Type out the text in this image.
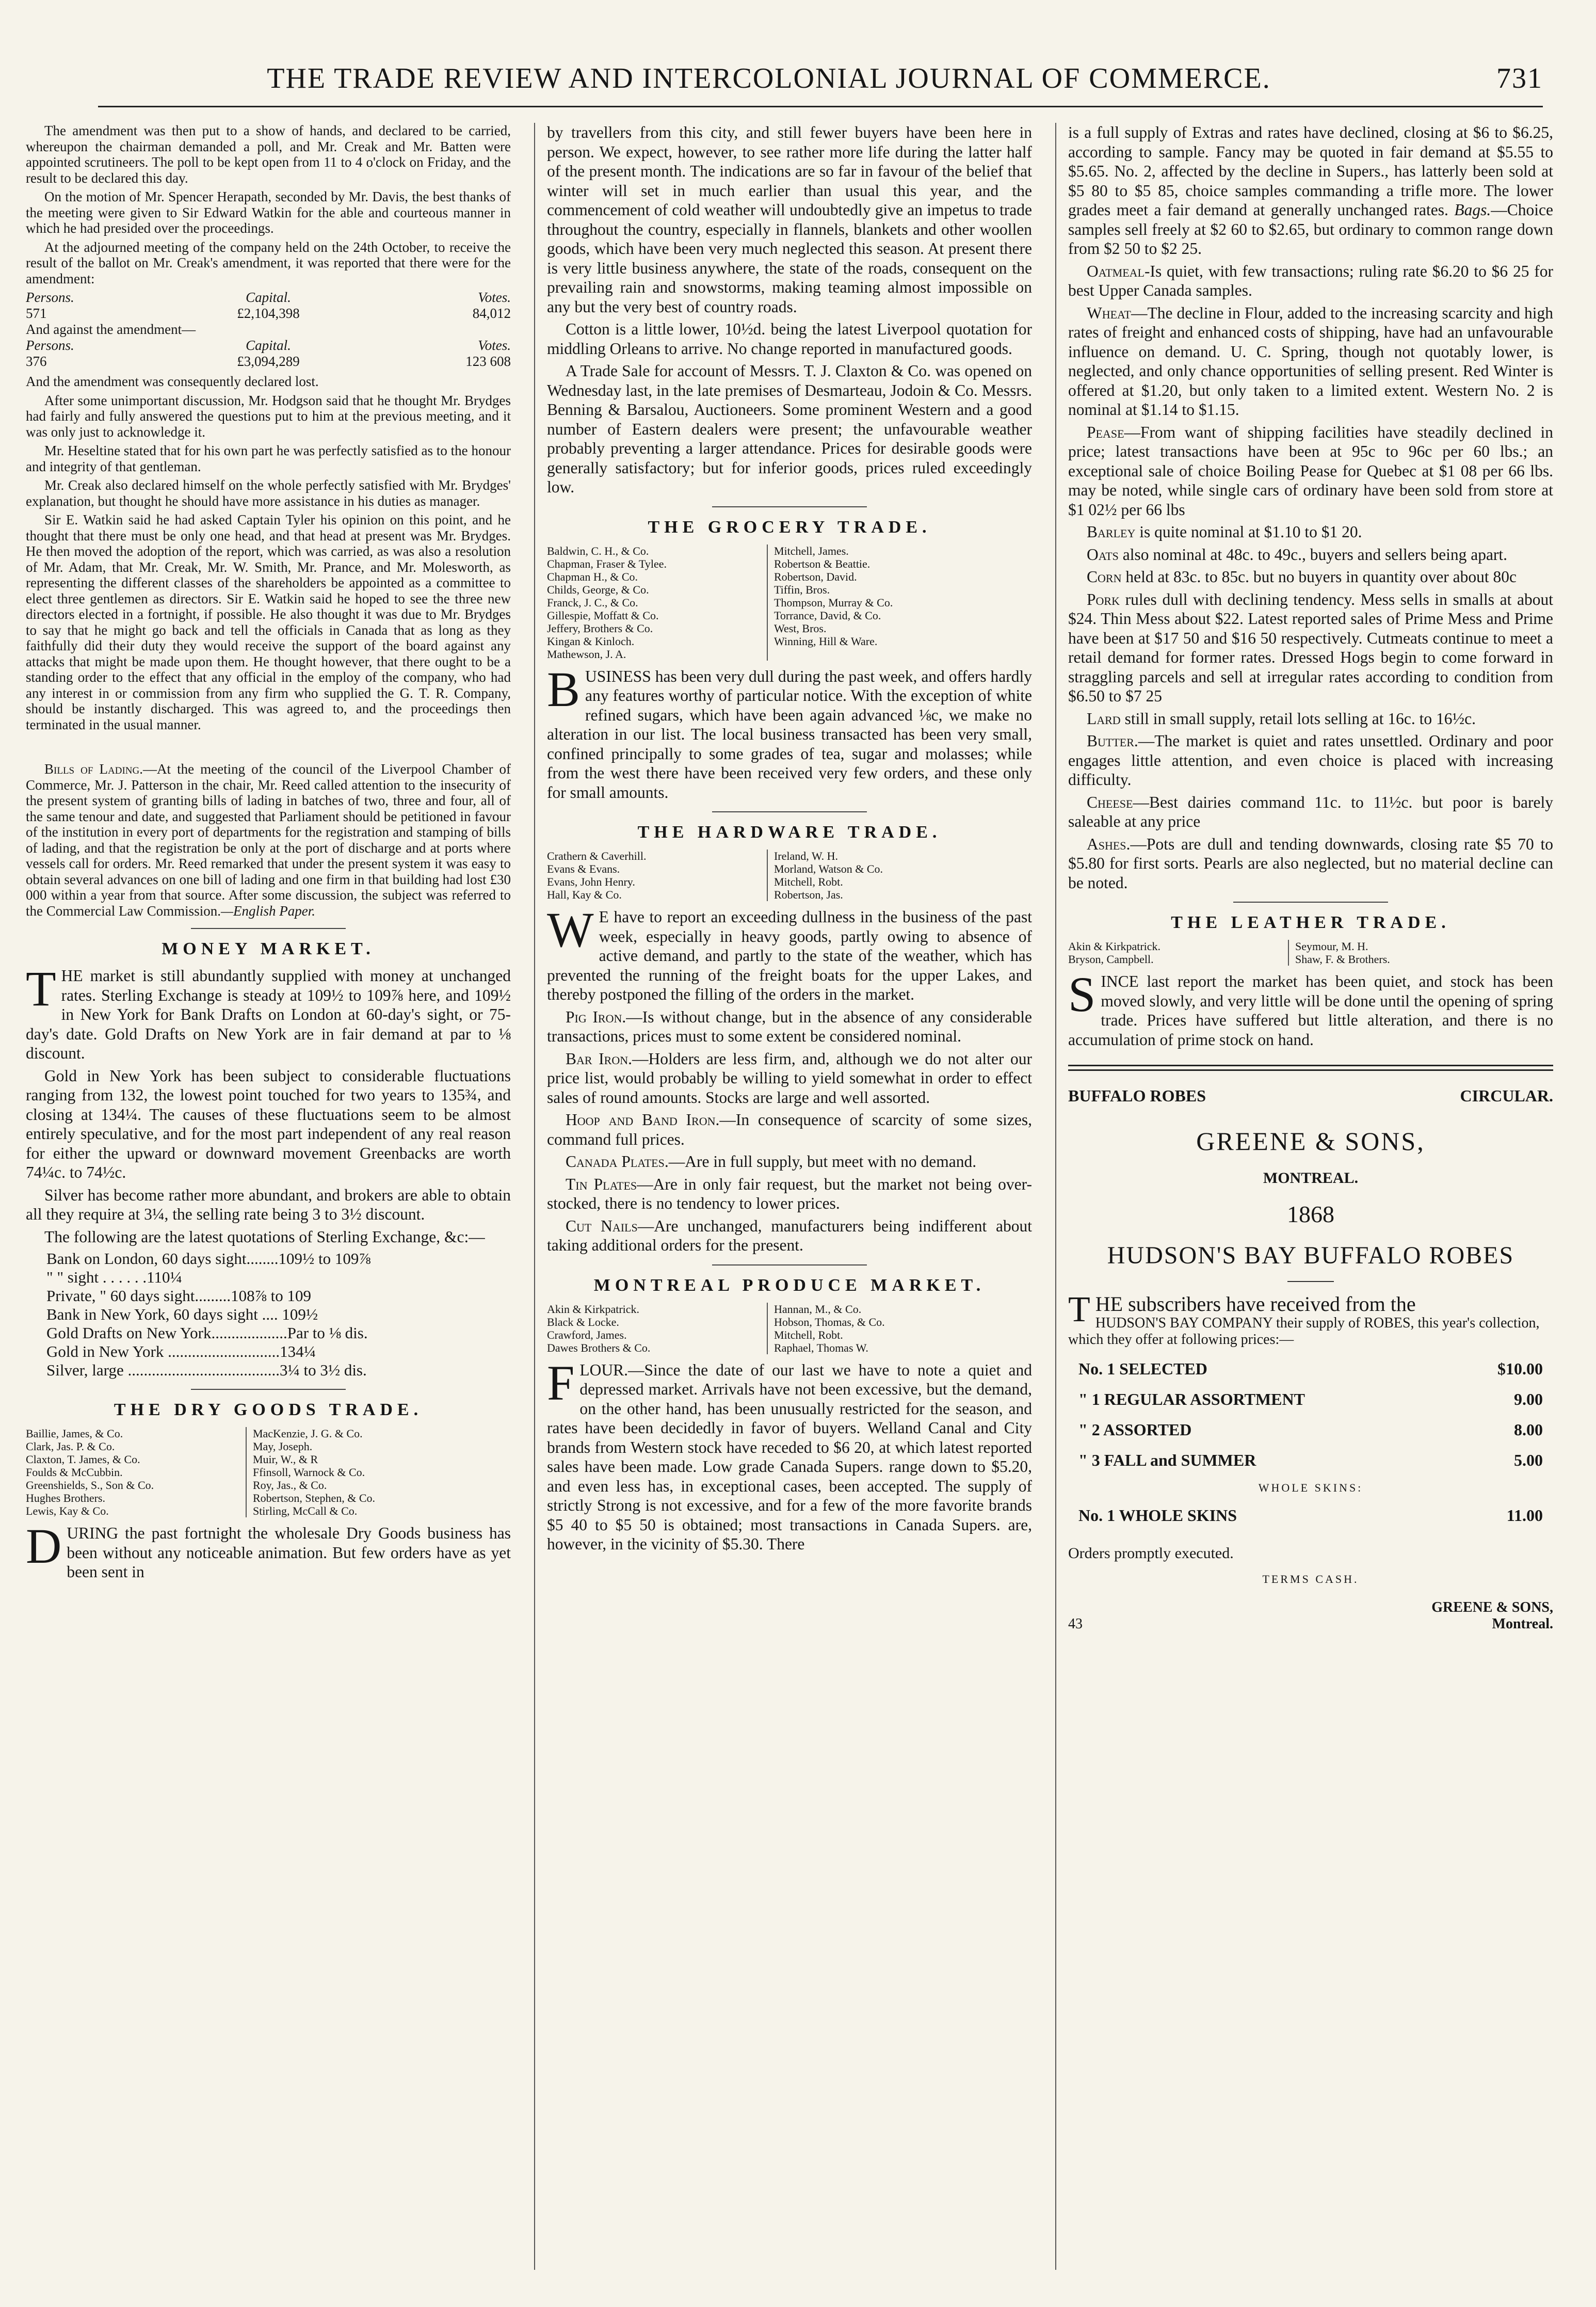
THE TRADE REVIEW AND INTERCOLONIAL JOURNAL OF COMMERCE.	731

The amendment was then put to a show of hands, and declared to be carried, whereupon the chairman demanded a poll, and Mr. Creak and Mr. Batten were appointed scrutineers. The poll to be kept open from 11 to 4 o'clock on Friday, and the result to be declared this day.

On the motion of Mr. Spencer Herapath, seconded by Mr. Davis, the best thanks of the meeting were given to Sir Edward Watkin for the able and courteous manner in which he had presided over the proceedings.

At the adjourned meeting of the company held on the 24th October, to receive the result of the ballot on Mr. Creak's amendment, it was reported that there were for the amendment:

Persons.	Capital.	Votes.
571	£2,104,398	84,012
And against the amendment—
Persons.	Capital.	Votes.
376	£3,094,289	123 608

And the amendment was consequently declared lost.

After some unimportant discussion, Mr. Hodgson said that he thought Mr. Brydges had fairly and fully answered the questions put to him at the previous meeting, and it was only just to acknowledge it.

Mr. Heseltine stated that for his own part he was perfectly satisfied as to the honour and integrity of that gentleman.

Mr. Creak also declared himself on the whole perfectly satisfied with Mr. Brydges' explanation, but thought he should have more assistance in his duties as manager.

Sir E. Watkin said he had asked Captain Tyler his opinion on this point, and he thought that there must be only one head, and that head at present was Mr. Brydges. He then moved the adoption of the report, which was carried, as was also a resolution of Mr. Adam, that Mr. Creak, Mr. W. Smith, Mr. Prance, and Mr. Molesworth, as representing the different classes of the shareholders be appointed as a committee to elect three gentlemen as directors. Sir E. Watkin said he hoped to see the three new directors elected in a fortnight, if possible. He also thought it was due to Mr. Brydges to say that he might go back and tell the officials in Canada that as long as they faithfully did their duty they would receive the support of the board against any attacks that might be made upon them. He thought however, that there ought to be a standing order to the effect that any official in the employ of the company, who had any interest in or commission from any firm who supplied the G. T. R. Company, should be instantly discharged. This was agreed to, and the proceedings then terminated in the usual manner.

Bills of Lading.—At the meeting of the council of the Liverpool Chamber of Commerce, Mr. J. Patterson in the chair, Mr. Reed called attention to the insecurity of the present system of granting bills of lading in batches of two, three and four, all of the same tenour and date, and suggested that Parliament should be petitioned in favour of the institution in every port of departments for the registration and stamping of bills of lading, and that the registration be only at the port of discharge and at ports where vessels call for orders. Mr. Reed remarked that under the present system it was easy to obtain several advances on one bill of lading and one firm in that building had lost £30 000 within a year from that source. After some discussion, the subject was referred to the Commercial Law Commission.—English Paper.

MONEY MARKET.

THE market is still abundantly supplied with money at unchanged rates. Sterling Exchange is steady at 109½ to 109⅞ here, and 109½ in New York for Bank Drafts on London at 60-day's sight, or 75-day's date. Gold Drafts on New York are in fair demand at par to ⅛ discount.

Gold in New York has been subject to considerable fluctuations ranging from 132, the lowest point touched for two years to 135¾, and closing at 134¼. The causes of these fluctuations seem to be almost entirely speculative, and for the most part independent of any real reason for either the upward or downward movement Greenbacks are worth 74¼c. to 74½c.

Silver has become rather more abundant, and brokers are able to obtain all they require at 3¼, the selling rate being 3 to 3½ discount.

The following are the latest quotations of Sterling Exchange, &c:—

Bank on London, 60 days sight........109½ to 109⅞
" " sight . . . . . .110¼
Private, " 60 days sight.........108⅞ to 109
Bank in New York, 60 days sight .... 109½
Gold Drafts on New York...................Par to ⅛ dis.
Gold in New York ............................134¼
Silver, large ......................................3¼ to 3½ dis.
THE DRY GOODS TRADE.
Baillie, James, & Co.
Clark, Jas. P. & Co.
Claxton, T. James, & Co.
Foulds & McCubbin.
Greenshields, S., Son & Co.
Hughes Brothers.
Lewis, Kay & Co.
MacKenzie, J. G. & Co.
May, Joseph.
Muir, W., & R
Ffinsoll, Warnock & Co.
Roy, Jas., & Co.
Robertson, Stephen, & Co.
Stirling, McCall & Co.

DURING the past fortnight the wholesale Dry Goods business has been without any noticeable animation. But few orders have as yet been sent in

by travellers from this city, and still fewer buyers have been here in person. We expect, however, to see rather more life during the latter half of the present month. The indications are so far in favour of the belief that winter will set in much earlier than usual this year, and the commencement of cold weather will undoubtedly give an impetus to trade throughout the country, especially in flannels, blankets and other woollen goods, which have been very much neglected this season. At present there is very little business anywhere, the state of the roads, consequent on the prevailing rain and snowstorms, making teaming almost impossible on any but the very best of country roads.

Cotton is a little lower, 10½d. being the latest Liverpool quotation for middling Orleans to arrive. No change reported in manufactured goods.

A Trade Sale for account of Messrs. T. J. Claxton & Co. was opened on Wednesday last, in the late premises of Desmarteau, Jodoin & Co. Messrs. Benning & Barsalou, Auctioneers. Some prominent Western and a good number of Eastern dealers were present; the unfavourable weather probably preventing a larger attendance. Prices for desirable goods were generally satisfactory; but for inferior goods, prices ruled exceedingly low.

THE GROCERY TRADE.
Baldwin, C. H., & Co.
Chapman, Fraser & Tylee.
Chapman H., & Co.
Childs, George, & Co.
Franck, J. C., & Co.
Gillespie, Moffatt & Co.
Jeffery, Brothers & Co.
Kingan & Kinloch.
Mathewson, J. A.
Mitchell, James.
Robertson & Beattie.
Robertson, David.
Tiffin, Bros.
Thompson, Murray & Co.
Torrance, David, & Co.
West, Bros.
Winning, Hill & Ware.

BUSINESS has been very dull during the past week, and offers hardly any features worthy of particular notice. With the exception of white refined sugars, which have been again advanced ⅛c, we make no alteration in our list. The local business transacted has been very small, confined principally to some grades of tea, sugar and molasses; while from the west there have been received very few orders, and these only for small amounts.

THE HARDWARE TRADE.
Crathern & Caverhill.
Evans & Evans.
Evans, John Henry.
Hall, Kay & Co.
Ireland, W. H.
Morland, Watson & Co.
Mitchell, Robt.
Robertson, Jas.

W E have to report an exceeding dullness in the business of the past week, especially in heavy goods, partly owing to absence of active demand, and partly to the state of the weather, which has prevented the running of the freight boats for the upper Lakes, and thereby postponed the filling of the orders in the market.

Pig Iron.—Is without change, but in the absence of any considerable transactions, prices must to some extent be considered nominal.

Bar Iron.—Holders are less firm, and, although we do not alter our price list, would probably be willing to yield somewhat in order to effect sales of round amounts. Stocks are large and well assorted.

Hoop and Band Iron.—In consequence of scarcity of some sizes, command full prices.

Canada Plates.—Are in full supply, but meet with no demand.

Tin Plates—Are in only fair request, but the market not being over-stocked, there is no tendency to lower prices.

Cut Nails—Are unchanged, manufacturers being indifferent about taking additional orders for the present.

MONTREAL PRODUCE MARKET.
Akin & Kirkpatrick.
Black & Locke.
Crawford, James.
Dawes Brothers & Co.
Hannan, M., & Co.
Hobson, Thomas, & Co.
Mitchell, Robt.
Raphael, Thomas W.

FLOUR.—Since the date of our last we have to note a quiet and depressed market. Arrivals have not been excessive, but the demand, on the other hand, has been unusually restricted for the season, and rates have been decidedly in favor of buyers. Welland Canal and City brands from Western stock have receded to $6 20, at which latest reported sales have been made. Low grade Canada Supers. range down to $5.20, and even less has, in exceptional cases, been accepted. The supply of strictly Strong is not excessive, and for a few of the more favorite brands $5 40 to $5 50 is obtained; most transactions in Canada Supers. are, however, in the vicinity of $5.30. There

is a full supply of Extras and rates have declined, closing at $6 to $6.25, according to sample. Fancy may be quoted in fair demand at $5.55 to $5.65. No. 2, affected by the decline in Supers., has latterly been sold at $5 80 to $5 85, choice samples commanding a trifle more. The lower grades meet a fair demand at generally unchanged rates. Bags.—Choice samples sell freely at $2 60 to $2.65, but ordinary to common range down from $2 50 to $2 25.

Oatmeal-Is quiet, with few transactions; ruling rate $6.20 to $6 25 for best Upper Canada samples.

Wheat—The decline in Flour, added to the increasing scarcity and high rates of freight and enhanced costs of shipping, have had an unfavourable influence on demand. U. C. Spring, though not quotably lower, is neglected, and only chance opportunities of selling present. Red Winter is offered at $1.20, but only taken to a limited extent. Western No. 2 is nominal at $1.14 to $1.15.

Pease—From want of shipping facilities have steadily declined in price; latest transactions have been at 95c to 96c per 60 lbs.; an exceptional sale of choice Boiling Pease for Quebec at $1 08 per 66 lbs. may be noted, while single cars of ordinary have been sold from store at $1 02½ per 66 lbs

Barley is quite nominal at $1.10 to $1 20.

Oats also nominal at 48c. to 49c., buyers and sellers being apart.

Corn held at 83c. to 85c. but no buyers in quantity over about 80c

Pork rules dull with declining tendency. Mess sells in smalls at about $24. Thin Mess about $22. Latest reported sales of Prime Mess and Prime have been at $17 50 and $16 50 respectively. Cutmeats continue to meet a retail demand for former rates. Dressed Hogs begin to come forward in straggling parcels and sell at irregular rates according to condition from $6.50 to $7 25

Lard still in small supply, retail lots selling at 16c. to 16½c.

Butter.—The market is quiet and rates unsettled. Ordinary and poor engages little attention, and even choice is placed with increasing difficulty.

Cheese—Best dairies command 11c. to 11½c. but poor is barely saleable at any price

Ashes.—Pots are dull and tending downwards, closing rate $5 70 to $5.80 for first sorts. Pearls are also neglected, but no material decline can be noted.

THE LEATHER TRADE.
Akin & Kirkpatrick.
Bryson, Campbell.
Seymour, M. H.
Shaw, F. & Brothers.

SINCE last report the market has been quiet, and stock has been moved slowly, and very little will be done until the opening of spring trade. Prices have suffered but little alteration, and there is no accumulation of prime stock on hand.

BUFFALO ROBES	CIRCULAR.
GREENE & SONS,
MONTREAL.
1868
HUDSON'S BAY BUFFALO ROBES
THE subscribers have received from the
HUDSON'S BAY COMPANY their supply of ROBES, this year's collection, which they offer at following prices:—
No. 1 SELECTED	$10.00
" 1 REGULAR ASSORTMENT	9.00
" 2 ASSORTED	8.00
" 3 FALL and SUMMER	5.00
WHOLE SKINS:
No. 1 WHOLE SKINS	11.00
Orders promptly executed.
TERMS CASH.
43
GREENE & SONS,
Montreal.
